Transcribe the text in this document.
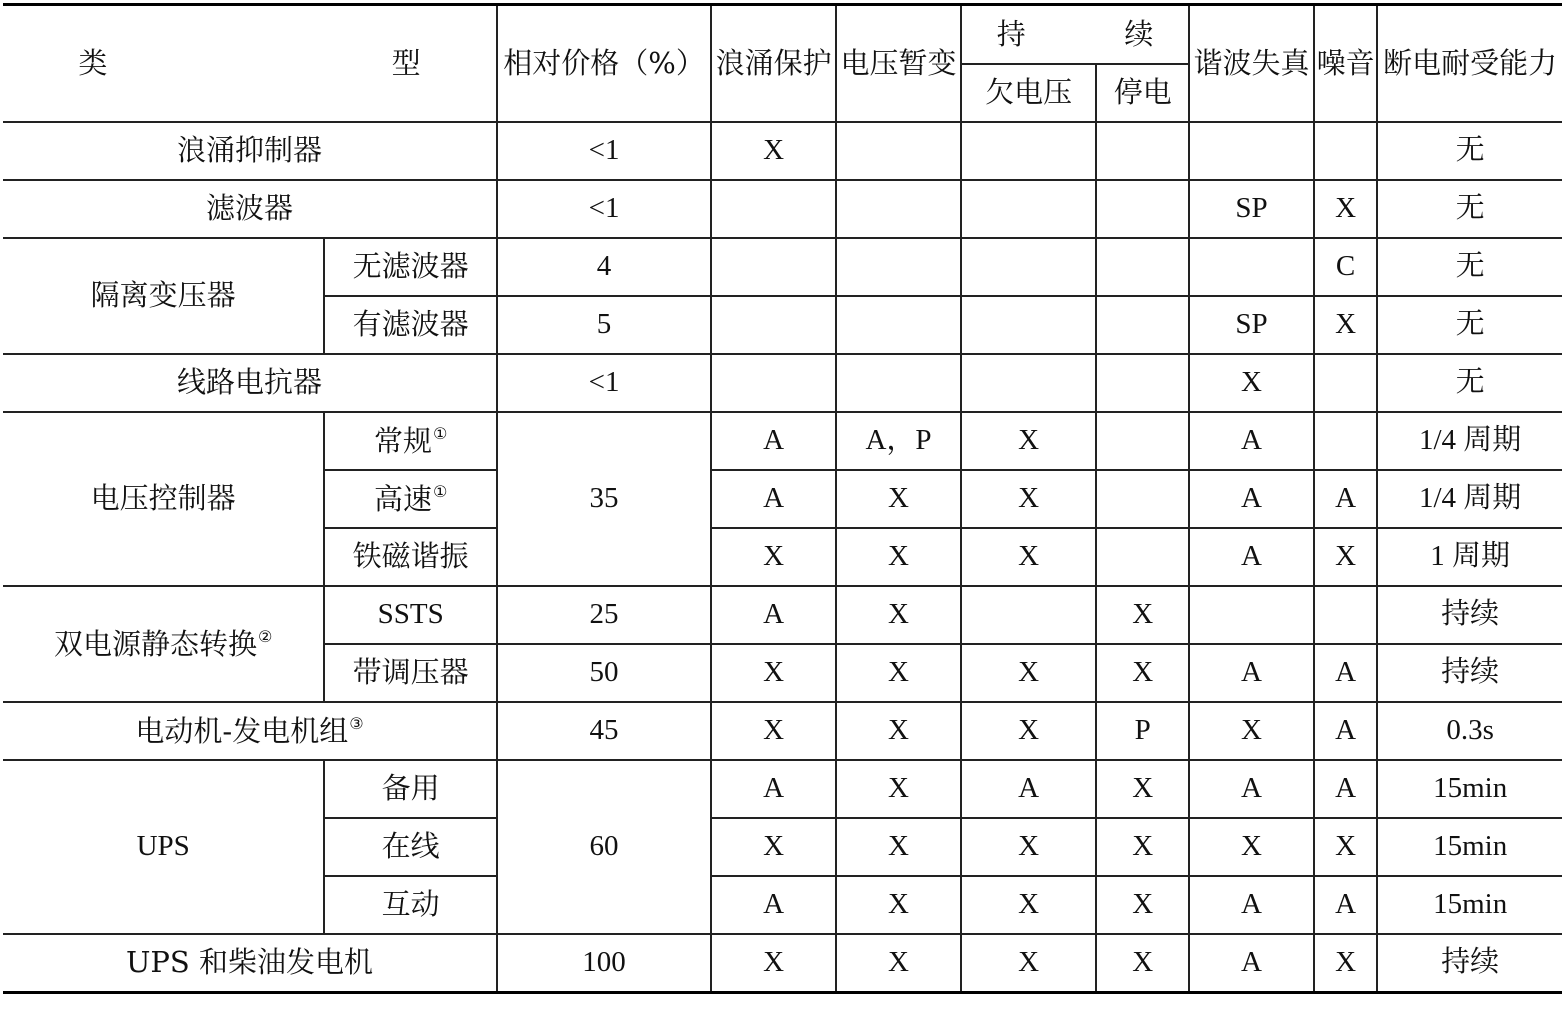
类　　型		相对价格（%）	浪涌保护	电压暂变	持　续		谐波失真	噪音	断电耐受能力
					欠电压	停电			
浪涌抑制器		<1	X						无
滤波器		<1					SP	X	无
隔离变压器	无滤波器	4						C	无
	有滤波器	5					SP	X	无
线路电抗器		<1					X		无
电压控制器	常规①	35	A	A，P	X		A		1/4 周期
	高速①		A	X	X		A	A	1/4 周期
	铁磁谐振		X	X	X		A	X	1 周期
双电源静态转换②	SSTS	25	A	X		X			持续
	带调压器	50	X	X	X	X	A	A	持续
电动机-发电机组③		45	X	X	X	P	X	A	0.3s
UPS	备用	60	A	X	A	X	A	A	15min
	在线		X	X	X	X	X	X	15min
	互动		A	X	X	X	A	A	15min
UPS 和柴油发电机		100	X	X	X	X	A	X	持续
